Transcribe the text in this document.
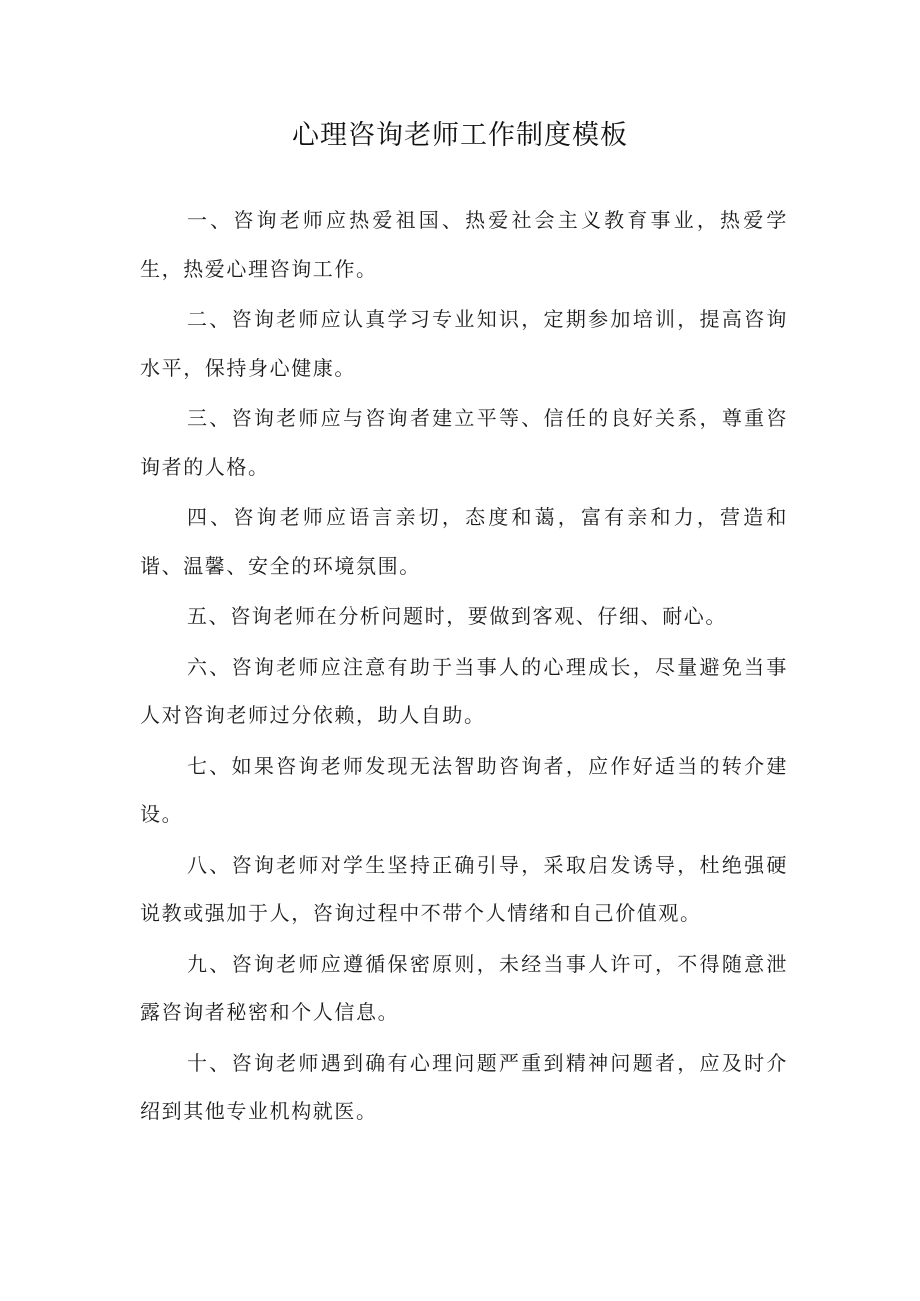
心理咨询老师工作制度模板

一、咨询老师应热爱祖国、热爱社会主义教育事业，热爱学生，热爱心理咨询工作。

二、咨询老师应认真学习专业知识，定期参加培训，提高咨询水平，保持身心健康。

三、咨询老师应与咨询者建立平等、信任的良好关系，尊重咨询者的人格。

四、咨询老师应语言亲切，态度和蔼，富有亲和力，营造和谐、温馨、安全的环境氛围。

五、咨询老师在分析问题时，要做到客观、仔细、耐心。

六、咨询老师应注意有助于当事人的心理成长，尽量避免当事人对咨询老师过分依赖，助人自助。

七、如果咨询老师发现无法智助咨询者，应作好适当的转介建设。

八、咨询老师对学生坚持正确引导，采取启发诱导，杜绝强硬说教或强加于人，咨询过程中不带个人情绪和自己价值观。

九、咨询老师应遵循保密原则，未经当事人许可，不得随意泄露咨询者秘密和个人信息。

十、咨询老师遇到确有心理问题严重到精神问题者，应及时介绍到其他专业机构就医。
